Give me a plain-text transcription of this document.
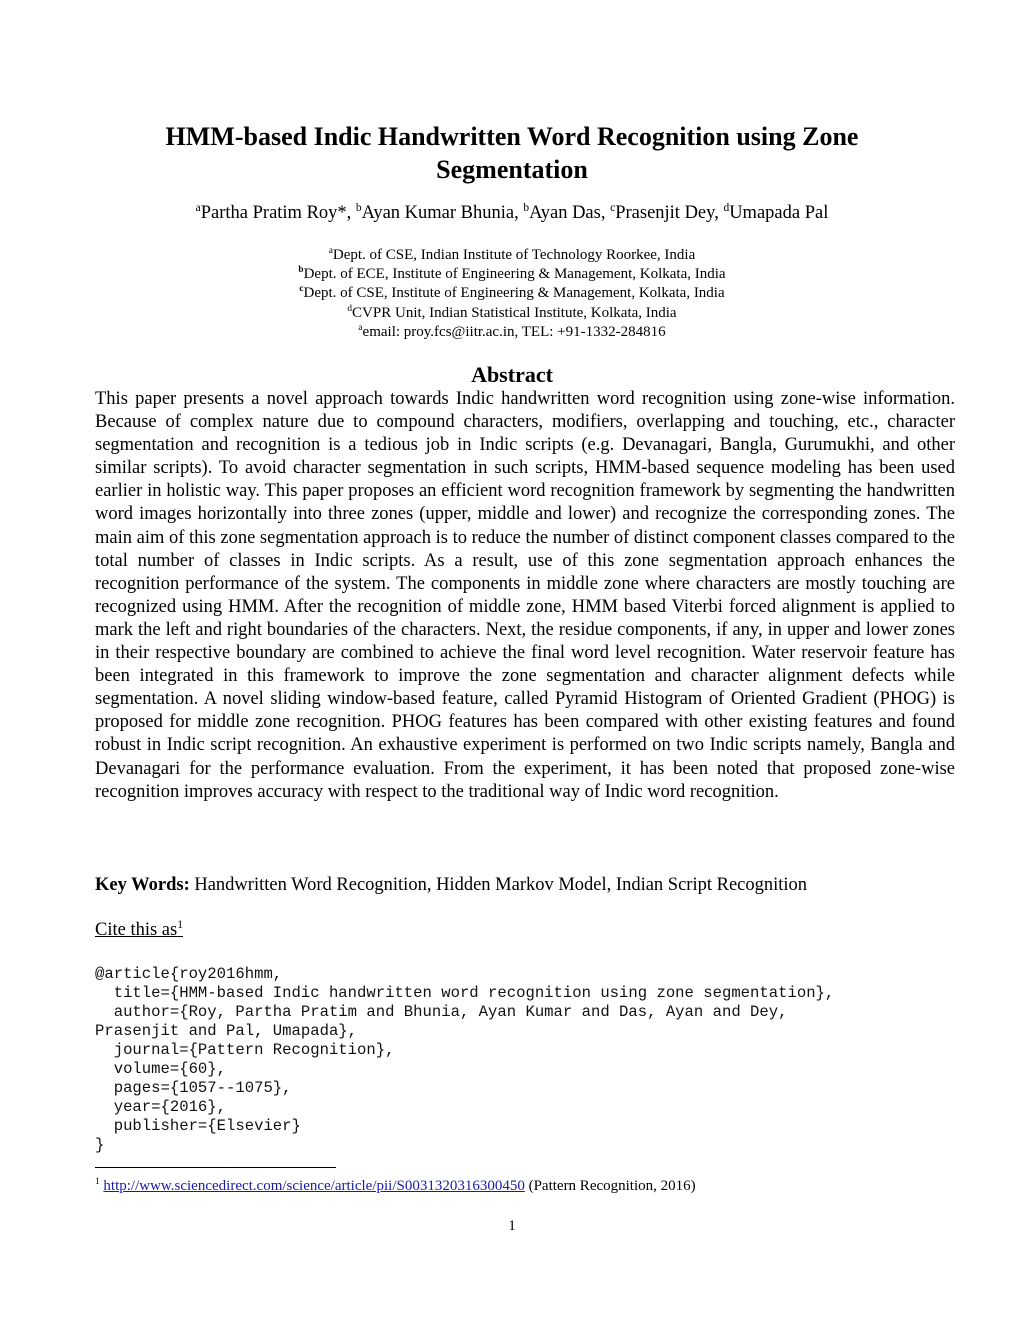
HMM-based Indic Handwritten Word Recognition using Zone Segmentation
$^a$Partha Pratim Roy*, $^b$Ayan Kumar Bhunia, $^b$Ayan Das, $^c$Prasenjit Dey, $^d$Umapada Pal
$^a$Dept. of CSE, Indian Institute of Technology Roorkee, India
$^b$Dept. of ECE, Institute of Engineering & Management, Kolkata, India
$^c$Dept. of CSE, Institute of Engineering & Management, Kolkata, India
$^d$CVPR Unit, Indian Statistical Institute, Kolkata, India
$^a$email: proy.fcs@iitr.ac.in, TEL: +91-1332-284816
Abstract

This paper presents a novel approach towards Indic handwritten word recognition using zone-wise information. Because of complex nature due to compound characters, modifiers, overlapping and touching, etc., character segmentation and recognition is a tedious job in Indic scripts (e.g. Devanagari, Bangla, Gurumukhi, and other similar scripts). To avoid character segmentation in such scripts, HMM-based sequence modeling has been used earlier in holistic way. This paper proposes an efficient word recognition framework by segmenting the handwritten word images horizontally into three zones (upper, middle and lower) and recognize the corresponding zones. The main aim of this zone segmentation approach is to reduce the number of distinct component classes compared to the total number of classes in Indic scripts. As a result, use of this zone segmentation approach enhances the recognition performance of the system. The components in middle zone where characters are mostly touching are recognized using HMM. After the recognition of middle zone, HMM based Viterbi forced alignment is applied to mark the left and right boundaries of the characters. Next, the residue components, if any, in upper and lower zones in their respective boundary are combined to achieve the final word level recognition. Water reservoir feature has been integrated in this framework to improve the zone segmentation and character alignment defects while segmentation. A novel sliding window-based feature, called Pyramid Histogram of Oriented Gradient (PHOG) is proposed for middle zone recognition. PHOG features has been compared with other existing features and found robust in Indic script recognition. An exhaustive experiment is performed on two Indic scripts namely, Bangla and Devanagari for the performance evaluation. From the experiment, it has been noted that proposed zone-wise recognition improves accuracy with respect to the traditional way of Indic word recognition.

Key Words: Handwritten Word Recognition, Hidden Markov Model, Indian Script Recognition
Cite this $as^1$
@article{roy2016hmm,
title={HMM-based Indic handwritten word recognition using zone segmentation},
author={Roy, Partha Pratim and Bhunia, Ayan Kumar and Das, Ayan and Dey,
Prasenjit and Pal, Umapada},
journal={Pattern Recognition},
volume={60},
pages={1057--1075},
year={2016},
publisher={Elsevier}
}
$^1$ http://www.sciencedirect.com/science/article/pii/S0031320316300450 (Pattern Recognition, 2016)
1
